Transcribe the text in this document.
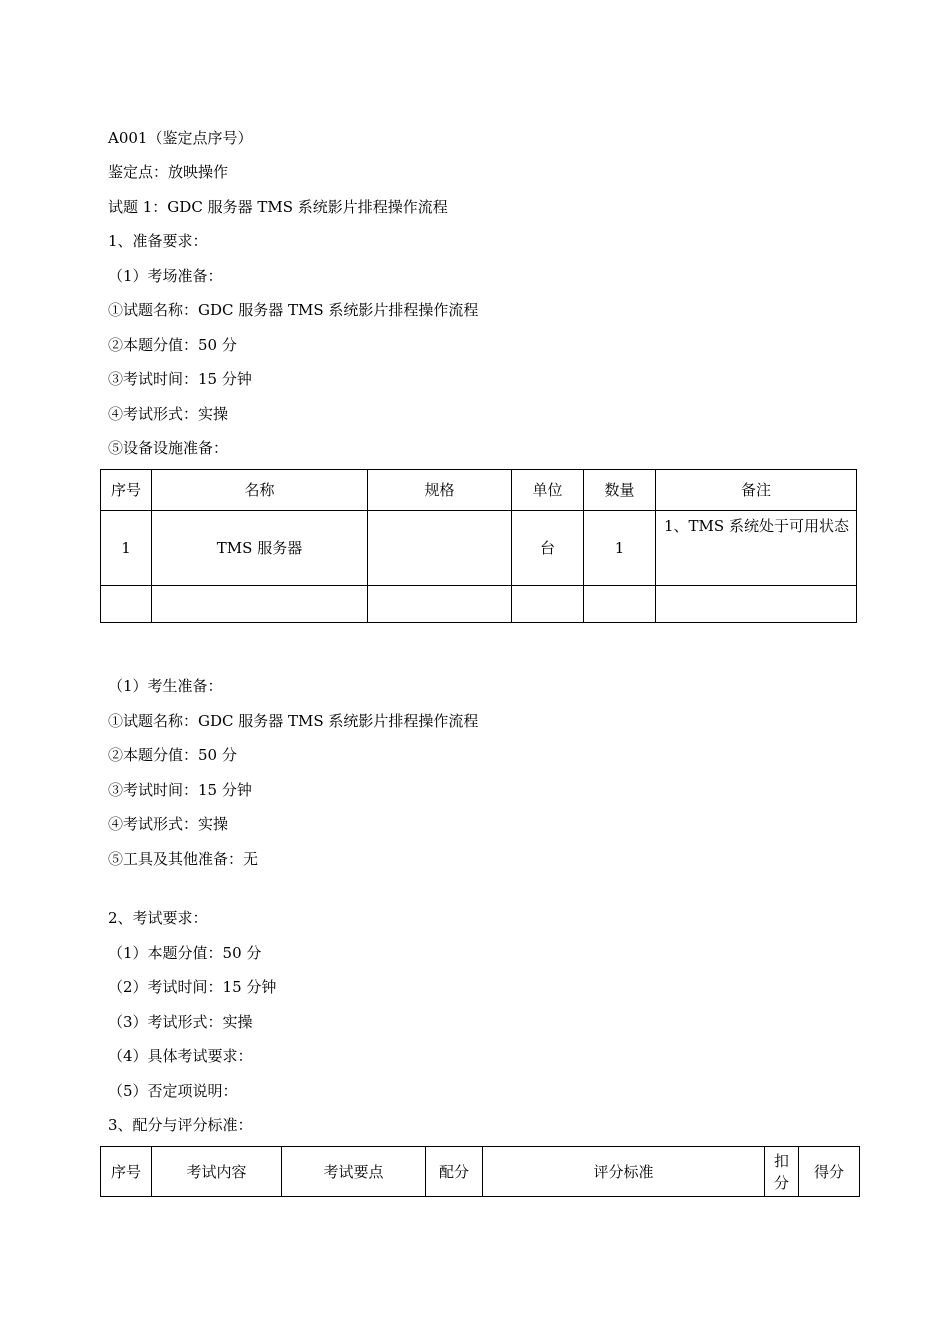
A001（鉴定点序号）
鉴定点：放映操作
试题 1：GDC 服务器 TMS 系统影片排程操作流程
1、准备要求：
（1）考场准备：
①试题名称：GDC 服务器 TMS 系统影片排程操作流程
②本题分值：50 分
③考试时间：15 分钟
④考试形式：实操
⑤设备设施准备：
序号	名称	规格	单位	数量	备注
1	TMS 服务器		台	1	1、TMS 系统处于可用状态

（1）考生准备：
①试题名称：GDC 服务器 TMS 系统影片排程操作流程
②本题分值：50 分
③考试时间：15 分钟
④考试形式：实操
⑤工具及其他准备：无
2、考试要求：
（1）本题分值：50 分
（2）考试时间：15 分钟
（3）考试形式：实操
（4）具体考试要求：
（5）否定项说明：
3、配分与评分标准：
序号	考试内容	考试要点	配分	评分标准	扣分	得分
